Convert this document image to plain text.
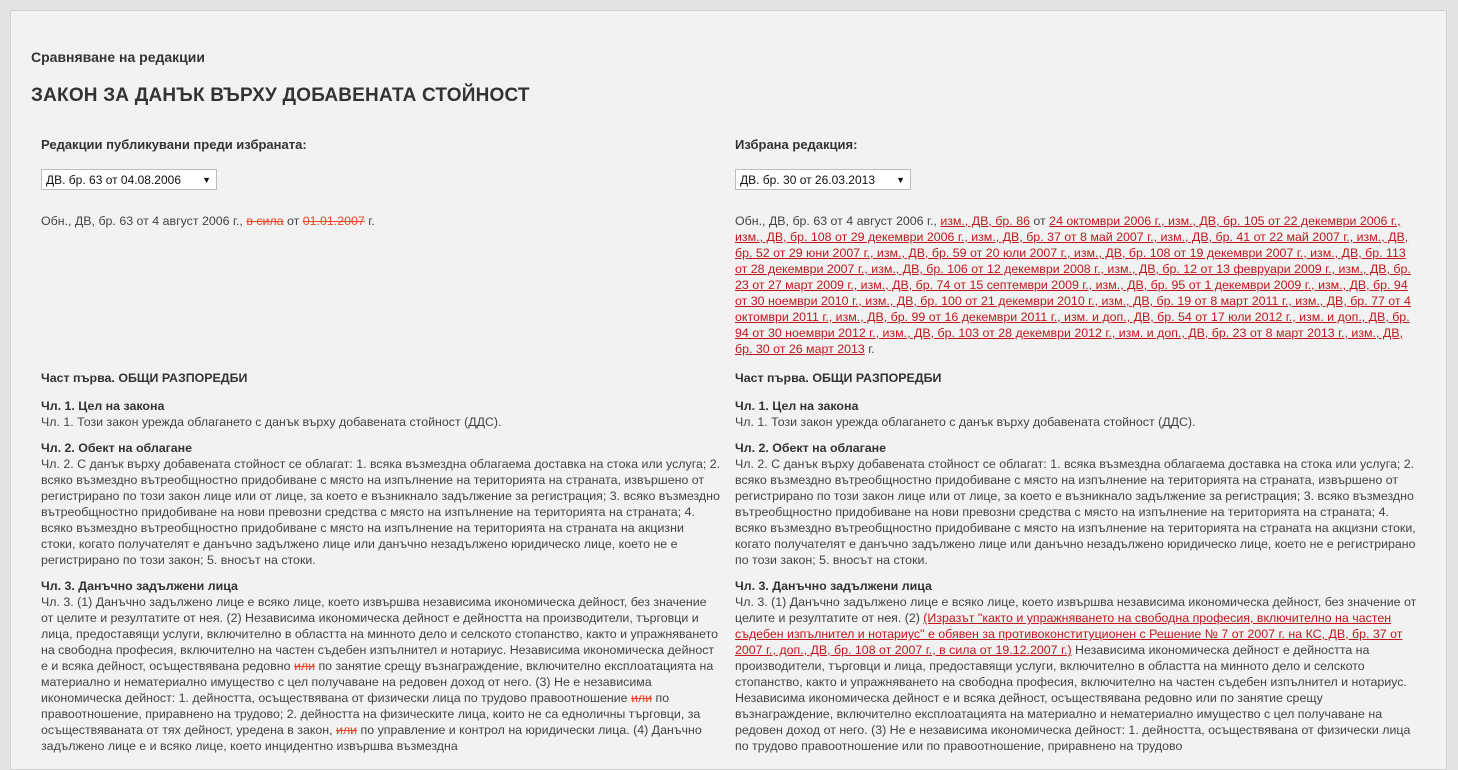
Сравняване на редакции
ЗАКОН ЗА ДАНЪК ВЪРХУ ДОБАВЕНАТА СТОЙНОСТ
Редакции публикувани преди избраната:
ДВ. бр. 63 от 04.08.2006 ▼
Обн., ДВ, бр. 63 от 4 август 2006 г., в сила от 01.01.2007 г.
Част първа. ОБЩИ РАЗПОРЕДБИ
Чл. 1. Цел на закона
Чл. 1. Този закон урежда облагането с данък върху добавената стойност (ДДС).
Чл. 2. Обект на облагане
Чл. 2. С данък върху добавената стойност се облагат: 1. всяка възмездна облагаема доставка на стока или услуга; 2. всяко възмездно вътреобщностно придобиване с място на изпълнение на територията на страната, извършено от регистрирано по този закон лице или от лице, за което е възникнало задължение за регистрация; 3. всяко възмездно вътреобщностно придобиване на нови превозни средства с място на изпълнение на територията на страната; 4. всяко възмездно вътреобщностно придобиване с място на изпълнение на територията на страната на акцизни стоки, когато получателят е данъчно задължено лице или данъчно незадължено юридическо лице, което не е регистрирано по този закон; 5. вносът на стоки.
Чл. 3. Данъчно задължени лица
Чл. 3. (1) Данъчно задължено лице е всяко лице, което извършва независима икономическа дейност, без значение от целите и резултатите от нея. (2) Независима икономическа дейност е дейността на производители, търговци и лица, предоставящи услуги, включително в областта на минното дело и селското стопанство, както и упражняването на свободна професия, включително на частен съдебен изпълнител и нотариус. Независима икономическа дейност е и всяка дейност, осъществявана редовно или по занятие срещу възнаграждение, включително експлоатацията на материално и нематериално имущество с цел получаване на редовен доход от него. (3) Не е независима икономическа дейност: 1. дейността, осъществявана от физически лица по трудово правоотношение или по правоотношение, приравнено на трудово; 2. дейността на физическите лица, които не са едноличны търговци, за осъществяваната от тях дейност, уредена в закон, или по управление и контрол на юридически лица. (4) Данъчно задължено лице е и всяко лице, което инцидентно извършва възмездна
Избрана редакция:
ДВ. бр. 30 от 26.03.2013 ▼
Обн., ДВ, бр. 63 от 4 август 2006 г., изм., ДВ, бр. 86 от 24 октомври 2006 г., изм., ДВ, бр. 105 от 22 декември 2006 г., изм., ДВ, бр. 108 от 29 декември 2006 г., изм., ДВ, бр. 37 от 8 май 2007 г., изм., ДВ, бр. 41 от 22 май 2007 г., изм., ДВ, бр. 52 от 29 юни 2007 г., изм., ДВ, бр. 59 от 20 юли 2007 г., изм., ДВ, бр. 108 от 19 декември 2007 г., изм., ДВ, бр. 113 от 28 декември 2007 г., изм., ДВ, бр. 106 от 12 декември 2008 г., изм., ДВ, бр. 12 от 13 февруари 2009 г., изм., ДВ, бр. 23 от 27 март 2009 г., изм., ДВ, бр. 74 от 15 септември 2009 г., изм., ДВ, бр. 95 от 1 декември 2009 г., изм., ДВ, бр. 94 от 30 ноември 2010 г., изм., ДВ, бр. 100 от 21 декември 2010 г., изм., ДВ, бр. 19 от 8 март 2011 г., изм., ДВ, бр. 77 от 4 октомври 2011 г., изм., ДВ, бр. 99 от 16 декември 2011 г., изм. и доп., ДВ, бр. 54 от 17 юли 2012 г., изм. и доп., ДВ, бр. 94 от 30 ноември 2012 г., изм., ДВ, бр. 103 от 28 декември 2012 г., изм. и доп., ДВ, бр. 23 от 8 март 2013 г., изм., ДВ, бр. 30 от 26 март 2013 г.
Част първа. ОБЩИ РАЗПОРЕДБИ
Чл. 1. Цел на закона
Чл. 1. Този закон урежда облагането с данък върху добавената стойност (ДДС).
Чл. 2. Обект на облагане
Чл. 2. С данък върху добавената стойност се облагат: 1. всяка възмездна облагаема доставка на стока или услуга; 2. всяко възмездно вътреобщностно придобиване с място на изпълнение на територията на страната, извършено от регистрирано по този закон лице или от лице, за което е възникнало задължение за регистрация; 3. всяко възмездно вътреобщностно придобиване на нови превозни средства с място на изпълнение на територията на страната; 4. всяко възмездно вътреобщностно придобиване с място на изпълнение на територията на страната на акцизни стоки, когато получателят е данъчно задължено лице или данъчно незадължено юридическо лице, което не е регистрирано по този закон; 5. вносът на стоки.
Чл. 3. Данъчно задължени лица
Чл. 3. (1) Данъчно задължено лице е всяко лице, което извършва независима икономическа дейност, без значение от целите и резултатите от нея. (2) (Изразът "както и упражняването на свободна професия, включително на частен съдебен изпълнител и нотариус" е обявен за противоконституционен с Решение № 7 от 2007 г. на КС, ДВ, бр. 37 от 2007 г., доп., ДВ, бр. 108 от 2007 г., в сила от 19.12.2007 г.) Независима икономическа дейност е дейността на производители, търговци и лица, предоставящи услуги, включително в областта на минното дело и селското стопанство, както и упражняването на свободна професия, включително на частен съдебен изпълнител и нотариус. Независима икономическа дейност е и всяка дейност, осъществявана редовно или по занятие срещу възнаграждение, включително експлоатацията на материално и нематериално имущество с цел получаване на редовен доход от него. (3) Не е независима икономическа дейност: 1. дейността, осъществявана от физически лица по трудово правоотношение или по правоотношение, приравнено на трудово
